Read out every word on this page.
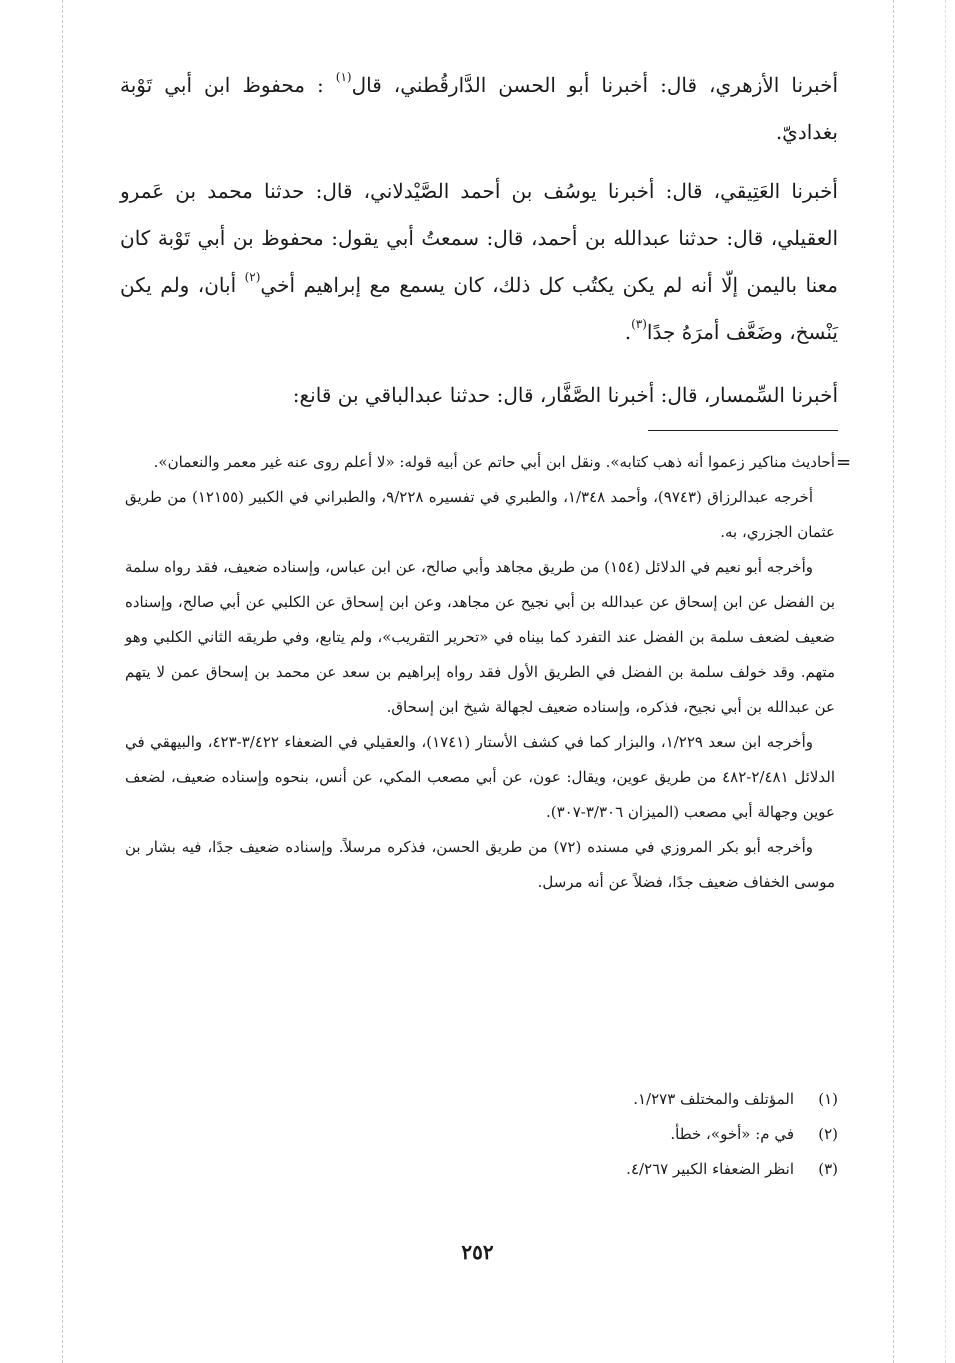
أخبرنا الأزهري، قال: أخبرنا أبو الحسن الدَّارقُطني، قال$^{(١)}$ : محفوظ ابن أبي تَوْبة بغداديّ.

أخبرنا العَتِيقي، قال: أخبرنا يوسُف بن أحمد الصَّيْدلاني، قال: حدثنا محمد بن عَمرو العقيلي، قال: حدثنا عبدالله بن أحمد، قال: سمعتُ أبي يقول: محفوظ بن أبي تَوْبة كان معنا باليمن إلّا أنه لم يكن يكتُب كل ذلك، كان يسمع مع إبراهيم أخي$^{(٢)}$ أبان، ولم يكن يَنْسخ، وضَعَّف أمرَهُ جدًا$^{(٣)}$.

أخبرنا السِّمسار، قال: أخبرنا الصَّفَّار، قال: حدثنا عبدالباقي بن قانع:

=

أحاديث مناكير زعموا أنه ذهب كتابه». ونقل ابن أبي حاتم عن أبيه قوله: «لا أعلم روى عنه غير معمر والنعمان».

أخرجه عبدالرزاق (٩٧٤٣)، وأحمد ١/٣٤٨، والطبري في تفسيره ٩/٢٢٨، والطبراني في الكبير (١٢١٥٥) من طريق عثمان الجزري، به.

وأخرجه أبو نعيم في الدلائل (١٥٤) من طريق مجاهد وأبي صالح، عن ابن عباس، وإسناده ضعيف، فقد رواه سلمة بن الفضل عن ابن إسحاق عن عبدالله بن أبي نجيح عن مجاهد، وعن ابن إسحاق عن الكلبي عن أبي صالح، وإسناده ضعيف لضعف سلمة بن الفضل عند التفرد كما بيناه في «تحرير التقريب»، ولم يتابع، وفي طريقه الثاني الكلبي وهو متهم. وقد خولف سلمة بن الفضل في الطريق الأول فقد رواه إبراهيم بن سعد عن محمد بن إسحاق عمن لا يتهم عن عبدالله بن أبي نجيح، فذكره، وإسناده ضعيف لجهالة شيخ ابن إسحاق.

وأخرجه ابن سعد ١/٢٢٩، والبزار كما في كشف الأستار (١٧٤١)، والعقيلي في الضعفاء ٣/٤٢٢-٤٢٣، والبيهقي في الدلائل ٢/٤٨١-٤٨٢ من طريق عوين، ويقال: عون، عن أبي مصعب المكي، عن أنس، بنحوه وإسناده ضعيف، لضعف عوين وجهالة أبي مصعب (الميزان ٣/٣٠٦-٣٠٧).

وأخرجه أبو بكر المروزي في مسنده (٧٢) من طريق الحسن، فذكره مرسلاً. وإسناده ضعيف جدًا، فيه بشار بن موسى الخفاف ضعيف جدًا، فضلاً عن أنه مرسل.

(١)
المؤتلف والمختلف ١/٢٧٣.
(٢)
في م: «أخو»، خطأ.
(٣)
انظر الضعفاء الكبير ٤/٢٦٧.
٢٥٢
